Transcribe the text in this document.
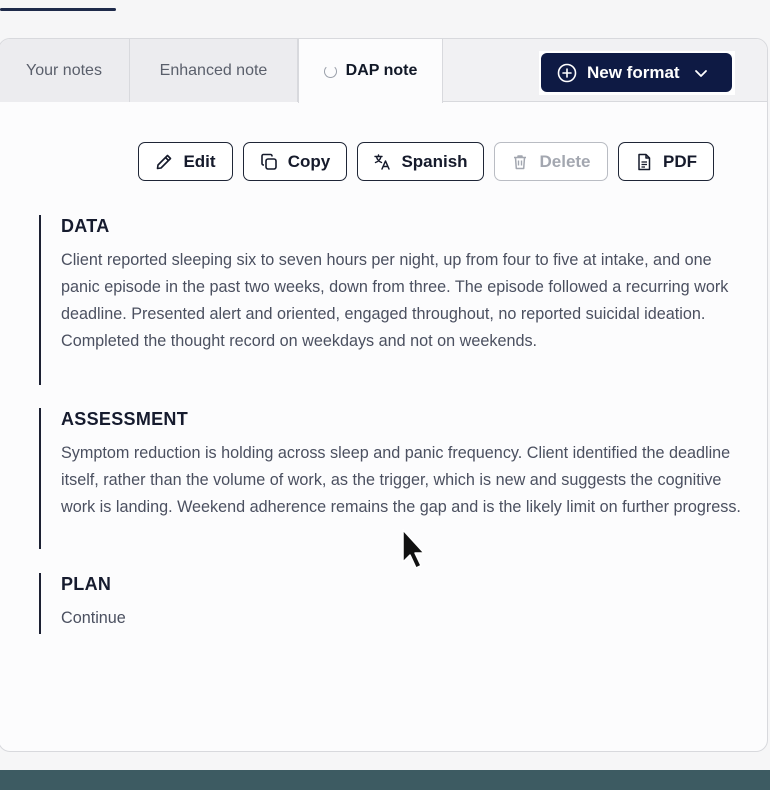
Your notes	Enhanced note	DAP note	New format
Edit	Copy	Spanish	Delete	PDF
DATA

Client reported sleeping six to seven hours per night, up from four to five at intake, and one panic episode in the past two weeks, down from three. The episode followed a recurring work deadline. Presented alert and oriented, engaged throughout, no reported suicidal ideation. Completed the thought record on weekdays and not on weekends.

ASSESSMENT

Symptom reduction is holding across sleep and panic frequency. Client identified the deadline itself, rather than the volume of work, as the trigger, which is new and suggests the cognitive work is landing. Weekend adherence remains the gap and is the likely limit on further progress.

PLAN

Continue
